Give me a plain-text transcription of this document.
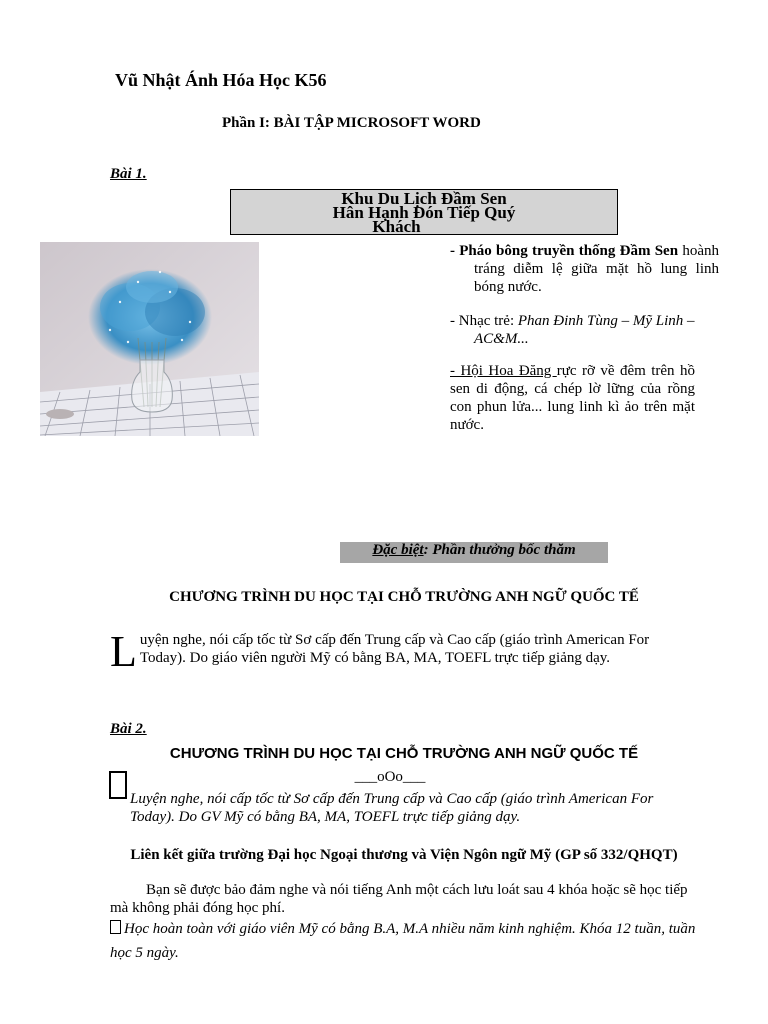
Vũ Nhật Ánh Hóa Học K56
Phần I: BÀI TẬP MICROSOFT WORD
Bài 1.
Khu Du Lịch Đầm Sen
Hân Hạnh Đón Tiếp Quý
Khách
- Pháo bông truyền thống Đầm Sen hoành tráng diễm lệ giữa mặt hồ lung linh bóng nước.
- Nhạc trẻ: Phan Đinh Tùng – Mỹ Linh – AC&M...
- Hội Hoa Đăng rực rỡ về đêm trên hồ sen di động, cá chép lờ lững của rồng con phun lửa... lung linh kì ảo trên mặt nước.
Đặc biệt: Phần thưởng bốc thăm
CHƯƠNG TRÌNH DU HỌC TẠI CHỖ TRƯỜNG ANH NGỮ QUỐC TẾ
Luyện nghe, nói cấp tốc từ Sơ cấp đến Trung cấp và Cao cấp (giáo trình American For Today). Do giáo viên người Mỹ có bằng BA, MA, TOEFL trực tiếp giảng dạy.
Bài 2.
CHƯƠNG TRÌNH DU HỌC TẠI CHỖ TRƯỜNG ANH NGỮ QUỐC TẾ
___oOo___
Luyện nghe, nói cấp tốc từ Sơ cấp đến Trung cấp và Cao cấp (giáo trình American For Today). Do GV Mỹ có bằng BA, MA, TOEFL trực tiếp giảng dạy.
Liên kết giữa trường Đại học Ngoại thương và Viện Ngôn ngữ Mỹ (GP số 332/QHQT)
Bạn sẽ được bảo đảm nghe và nói tiếng Anh một cách lưu loát sau 4 khóa hoặc sẽ học tiếp mà không phải đóng học phí.
Học hoàn toàn với giáo viên Mỹ có bằng B.A, M.A nhiều năm kinh nghiệm. Khóa 12 tuần, tuần học 5 ngày.
